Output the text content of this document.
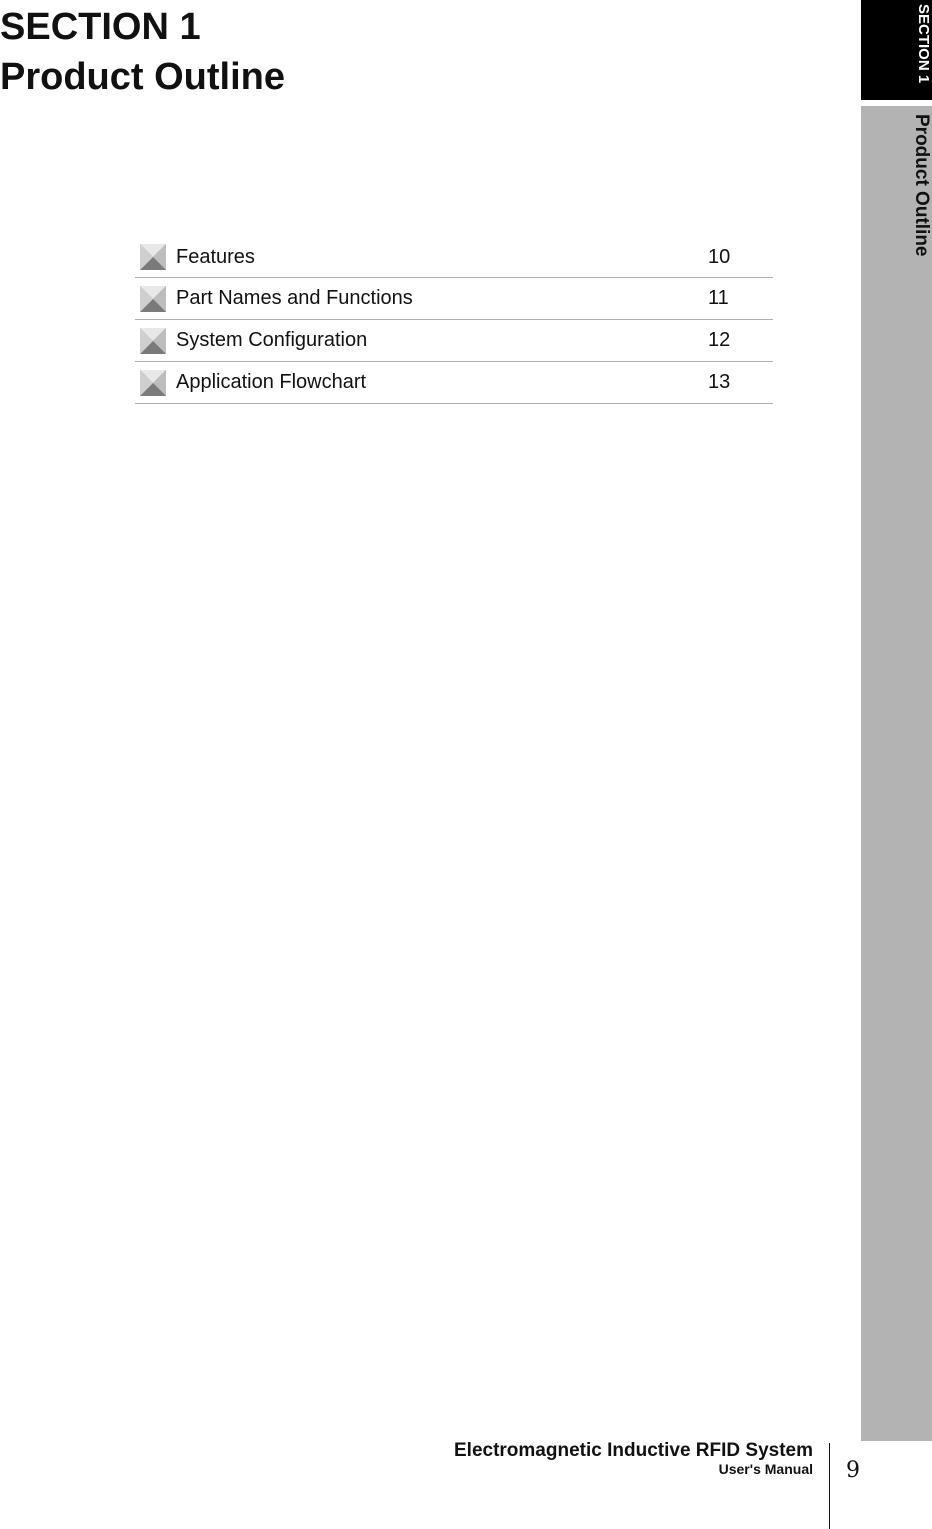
SECTION 1
Product Outline	SECTION 1
Product Outline
Features	10
Part Names and Functions	11
System Configuration	12
Application Flowchart	13
Electromagnetic Inductive RFID System
User's Manual 9
